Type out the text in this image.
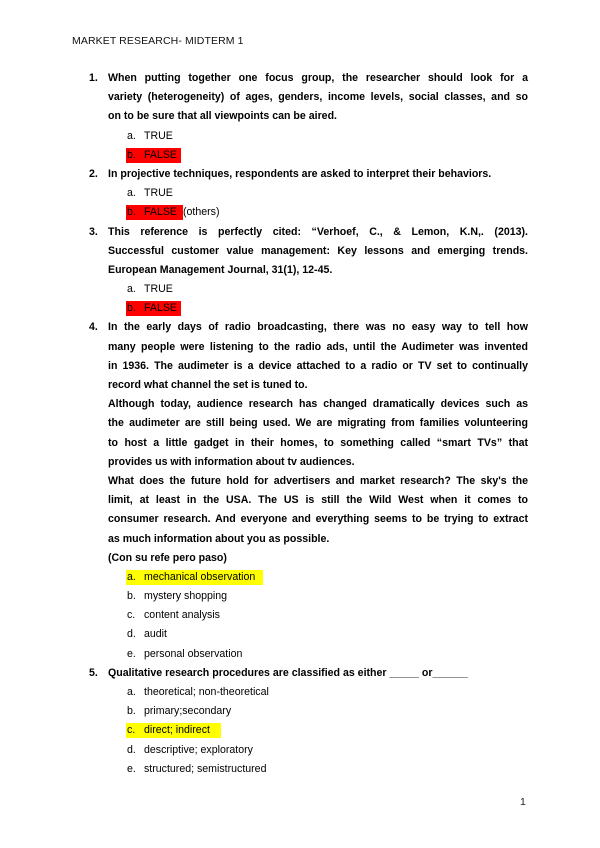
MARKET RESEARCH- MIDTERM 1
1. When putting together one focus group, the researcher should look for a
variety (heterogeneity) of ages, genders, income levels, social classes, and so
on to be sure that all viewpoints can be aired.
a. TRUE
b. FALSE
2. In projective techniques, respondents are asked to interpret their behaviors.
a. TRUE
b. FALSE (others)
3. This reference is perfectly cited: “Verhoef, C., & Lemon, K.N,. (2013).
Successful customer value management: Key lessons and emerging trends.
European Management Journal, 31(1), 12-45.
a. TRUE
b. FALSE
4. In the early days of radio broadcasting, there was no easy way to tell how
many people were listening to the radio ads, until the Audimeter was invented
in 1936. The audimeter is a device attached to a radio or TV set to continually
record what channel the set is tuned to.
Although today, audience research has changed dramatically devices such as
the audimeter are still being used. We are migrating from families volunteering
to host a little gadget in their homes, to something called “smart TVs” that
provides us with information about tv audiences.
What does the future hold for advertisers and market research? The sky's the
limit, at least in the USA. The US is still the Wild West when it comes to
consumer research. And everyone and everything seems to be trying to extract
as much information about you as possible.
(Con su refe pero paso)
a. mechanical observation
b. mystery shopping
c. content analysis
d. audit
e. personal observation
5. Qualitative research procedures are classified as either _____ or______
a. theoretical; non-theoretical
b. primary;secondary
c. direct; indirect
d. descriptive; exploratory
e. structured; semistructured
1
